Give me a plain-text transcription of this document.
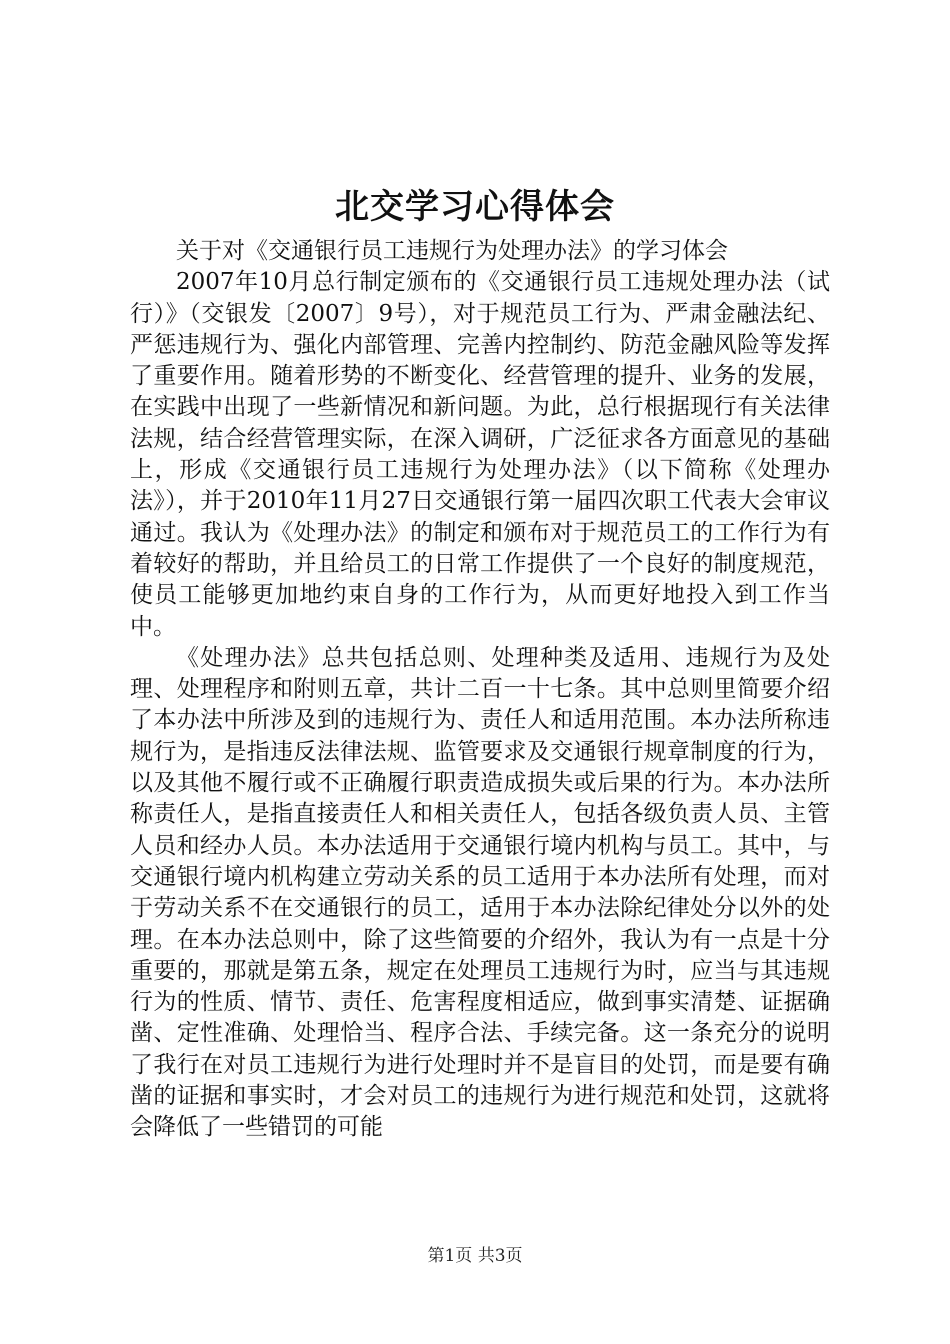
北交学习心得体会

关于对《交通银行员工违规行为处理办法》的学习体会

2007年10月总行制定颁布的《交通银行员工违规处理办法（试行）》（交银发〔2007〕9号），对于规范员工行为、严肃金融法纪、严惩违规行为、强化内部管理、完善内控制约、防范金融风险等发挥了重要作用。随着形势的不断变化、经营管理的提升、业务的发展，在实践中出现了一些新情况和新问题。为此，总行根据现行有关法律法规，结合经营管理实际，在深入调研，广泛征求各方面意见的基础上，形成《交通银行员工违规行为处理办法》（以下简称《处理办法》），并于2010年11月27日交通银行第一届四次职工代表大会审议通过。我认为《处理办法》的制定和颁布对于规范员工的工作行为有着较好的帮助，并且给员工的日常工作提供了一个良好的制度规范，使员工能够更加地约束自身的工作行为，从而更好地投入到工作当中。

《处理办法》总共包括总则、处理种类及适用、违规行为及处理、处理程序和附则五章，共计二百一十七条。其中总则里简要介绍了本办法中所涉及到的违规行为、责任人和适用范围。本办法所称违规行为，是指违反法律法规、监管要求及交通银行规章制度的行为，以及其他不履行或不正确履行职责造成损失或后果的行为。本办法所称责任人，是指直接责任人和相关责任人，包括各级负责人员、主管人员和经办人员。本办法适用于交通银行境内机构与员工。其中，与交通银行境内机构建立劳动关系的员工适用于本办法所有处理，而对于劳动关系不在交通银行的员工，适用于本办法除纪律处分以外的处理。在本办法总则中，除了这些简要的介绍外，我认为有一点是十分重要的，那就是第五条，规定在处理员工违规行为时，应当与其违规行为的性质、情节、责任、危害程度相适应，做到事实清楚、证据确凿、定性准确、处理恰当、程序合法、手续完备。这一条充分的说明了我行在对员工违规行为进行处理时并不是盲目的处罚，而是要有确凿的证据和事实时，才会对员工的违规行为进行规范和处罚，这就将会降低了一些错罚的可能

第1页 共3页
